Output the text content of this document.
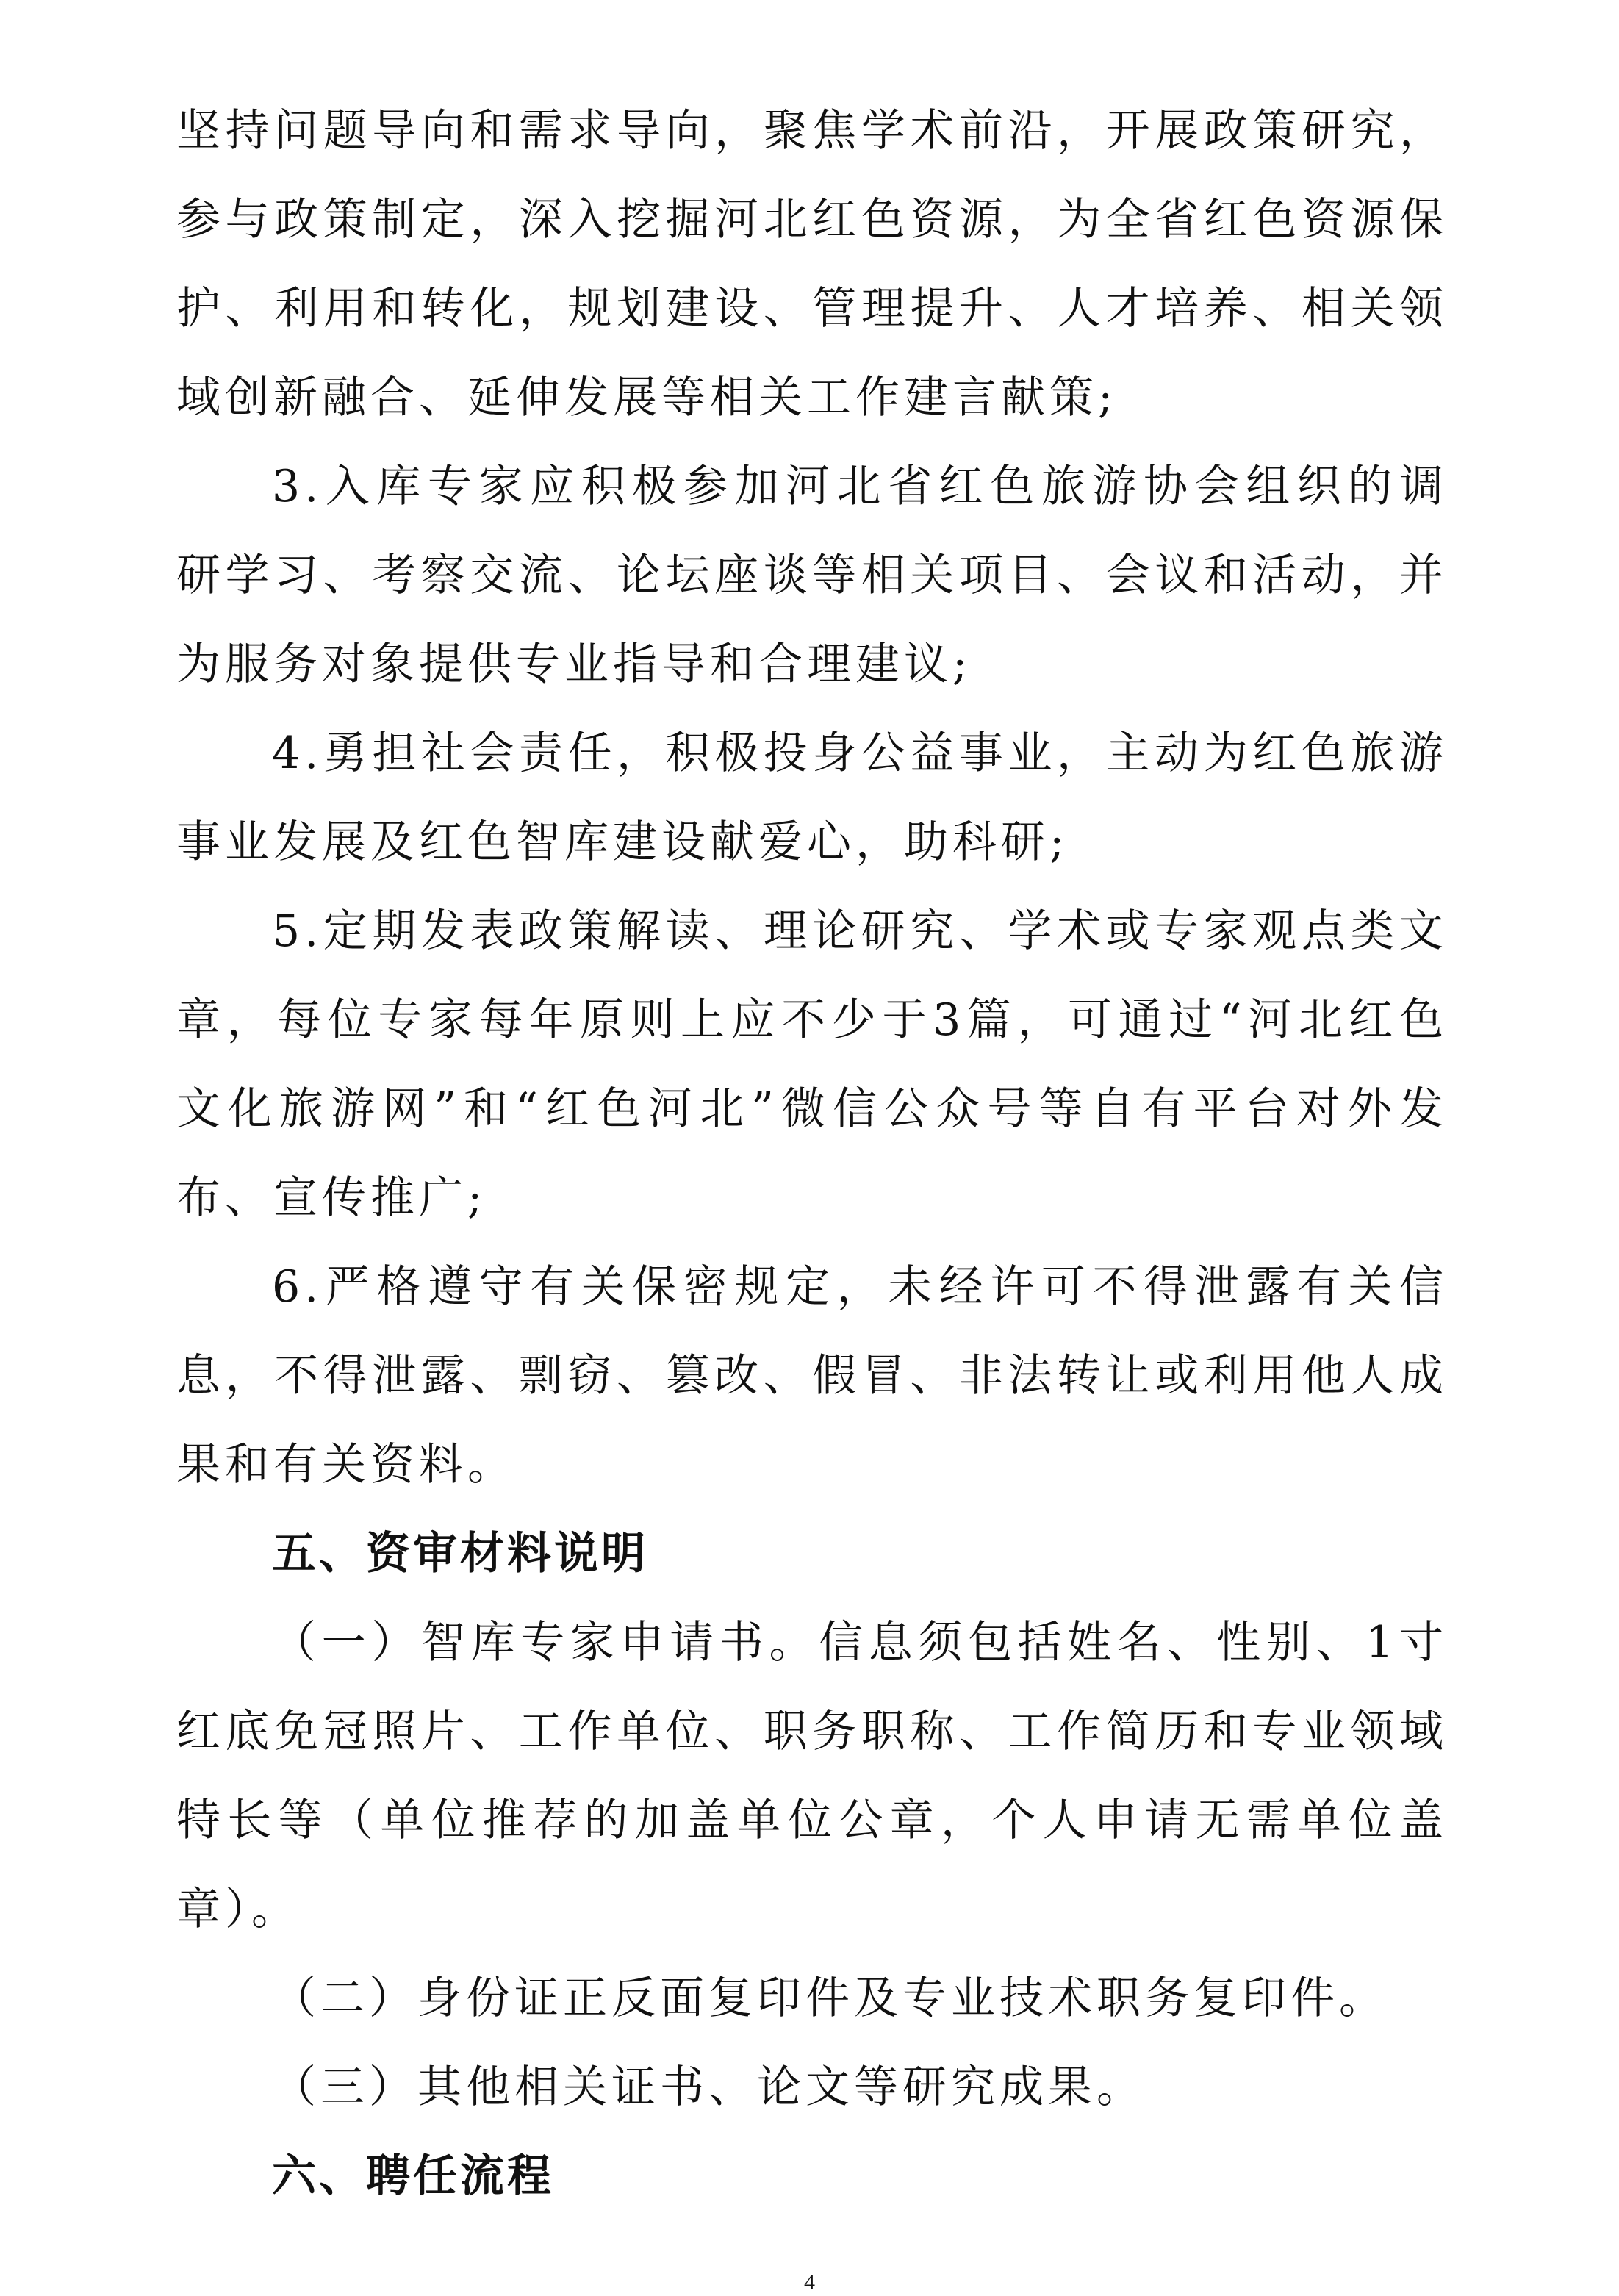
坚持问题导向和需求导向，聚焦学术前沿，开展政策研究，
参与政策制定，深入挖掘河北红色资源，为全省红色资源保
护、利用和转化，规划建设、管理提升、人才培养、相关领
域创新融合、延伸发展等相关工作建言献策;
3.入库专家应积极参加河北省红色旅游协会组织的调
研学习、考察交流、论坛座谈等相关项目、会议和活动，并
为服务对象提供专业指导和合理建议;
4.勇担社会责任，积极投身公益事业，主动为红色旅游
事业发展及红色智库建设献爱心，助科研;
5.定期发表政策解读、理论研究、学术或专家观点类文
章，每位专家每年原则上应不少于3篇，可通过“河北红色
文化旅游网”和“红色河北”微信公众号等自有平台对外发
布、宣传推广;
6.严格遵守有关保密规定，未经许可不得泄露有关信
息，不得泄露、剽窃、篡改、假冒、非法转让或利用他人成
果和有关资料。
五、资审材料说明
（一）智库专家申请书。信息须包括姓名、性别、1寸
红底免冠照片、工作单位、职务职称、工作简历和专业领域
特长等（单位推荐的加盖单位公章，个人申请无需单位盖
章）。
（二）身份证正反面复印件及专业技术职务复印件。
（三）其他相关证书、论文等研究成果。
六、聘任流程
4
